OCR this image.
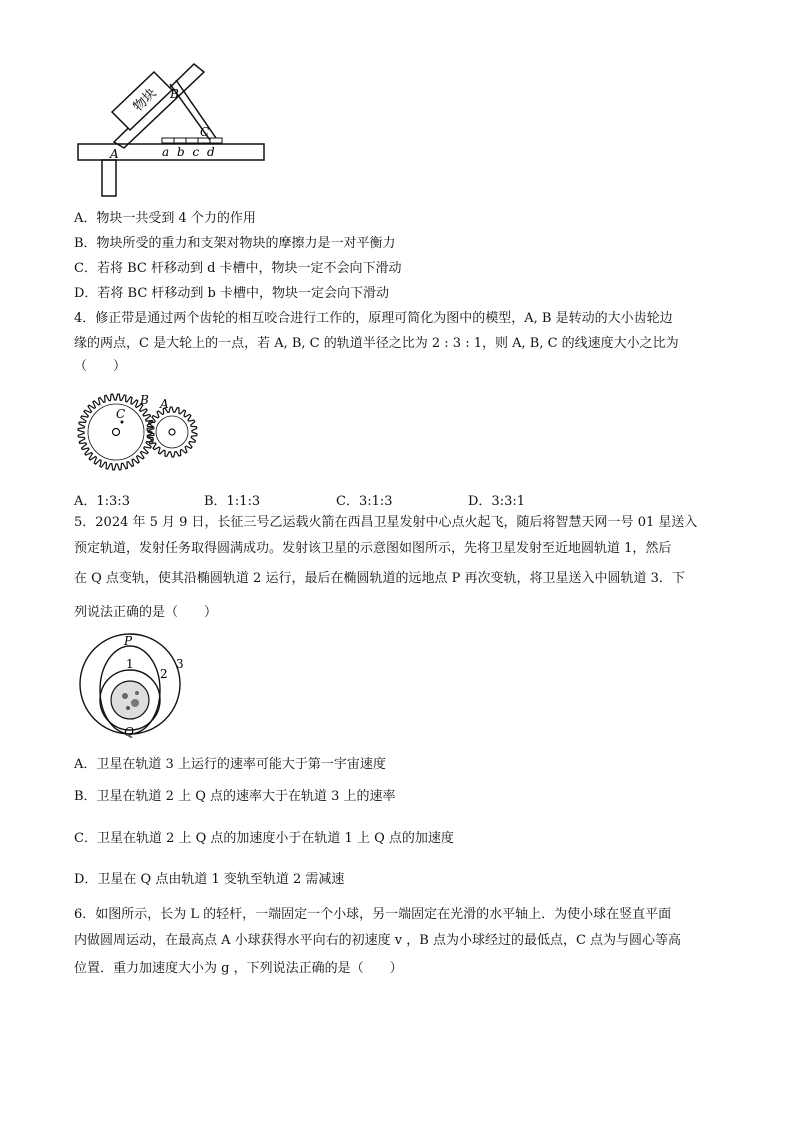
物块 B
C
A	a b c d
A．物块一共受到 4 个力的作用
B．物块所受的重力和支架对物块的摩擦力是一对平衡力
C．若将 BC 杆移动到 d 卡槽中，物块一定不会向下滑动
D．若将 BC 杆移动到 b 卡槽中，物块一定会向下滑动
4．修正带是通过两个齿轮的相互咬合进行工作的，原理可简化为图中的模型，A, B 是转动的大小齿轮边
缘的两点，C 是大轮上的一点，若 A, B, C 的轨道半径之比为 2 : 3 : 1，则 A, B, C 的线速度大小之比为
（　　）
C
B A
A．1:3:3	B．1:1:3	C．3:1:3	D．3:3:1
5．2024 年 5 月 9 日，长征三号乙运载火箭在西昌卫星发射中心点火起飞，随后将智慧天网一号 01 星送入
预定轨道，发射任务取得圆满成功。发射该卫星的示意图如图所示，先将卫星发射至近地圆轨道 1，然后
在 Q 点变轨，使其沿椭圆轨道 2 运行，最后在椭圆轨道的远地点 P 再次变轨，将卫星送入中圆轨道 3．下
列说法正确的是（　　）
P
Q
1
2
3
A．卫星在轨道 3 上运行的速率可能大于第一宇宙速度
B．卫星在轨道 2 上 Q 点的速率大于在轨道 3 上的速率
C．卫星在轨道 2 上 Q 点的加速度小于在轨道 1 上 Q 点的加速度
D．卫星在 Q 点由轨道 1 变轨至轨道 2 需减速
6．如图所示，长为 L 的轻杆，一端固定一个小球，另一端固定在光滑的水平轴上．为使小球在竖直平面
内做圆周运动，在最高点 A 小球获得水平向右的初速度 v ，B 点为小球经过的最低点，C 点为与圆心等高
位置．重力加速度大小为 g ，下列说法正确的是（　　）
